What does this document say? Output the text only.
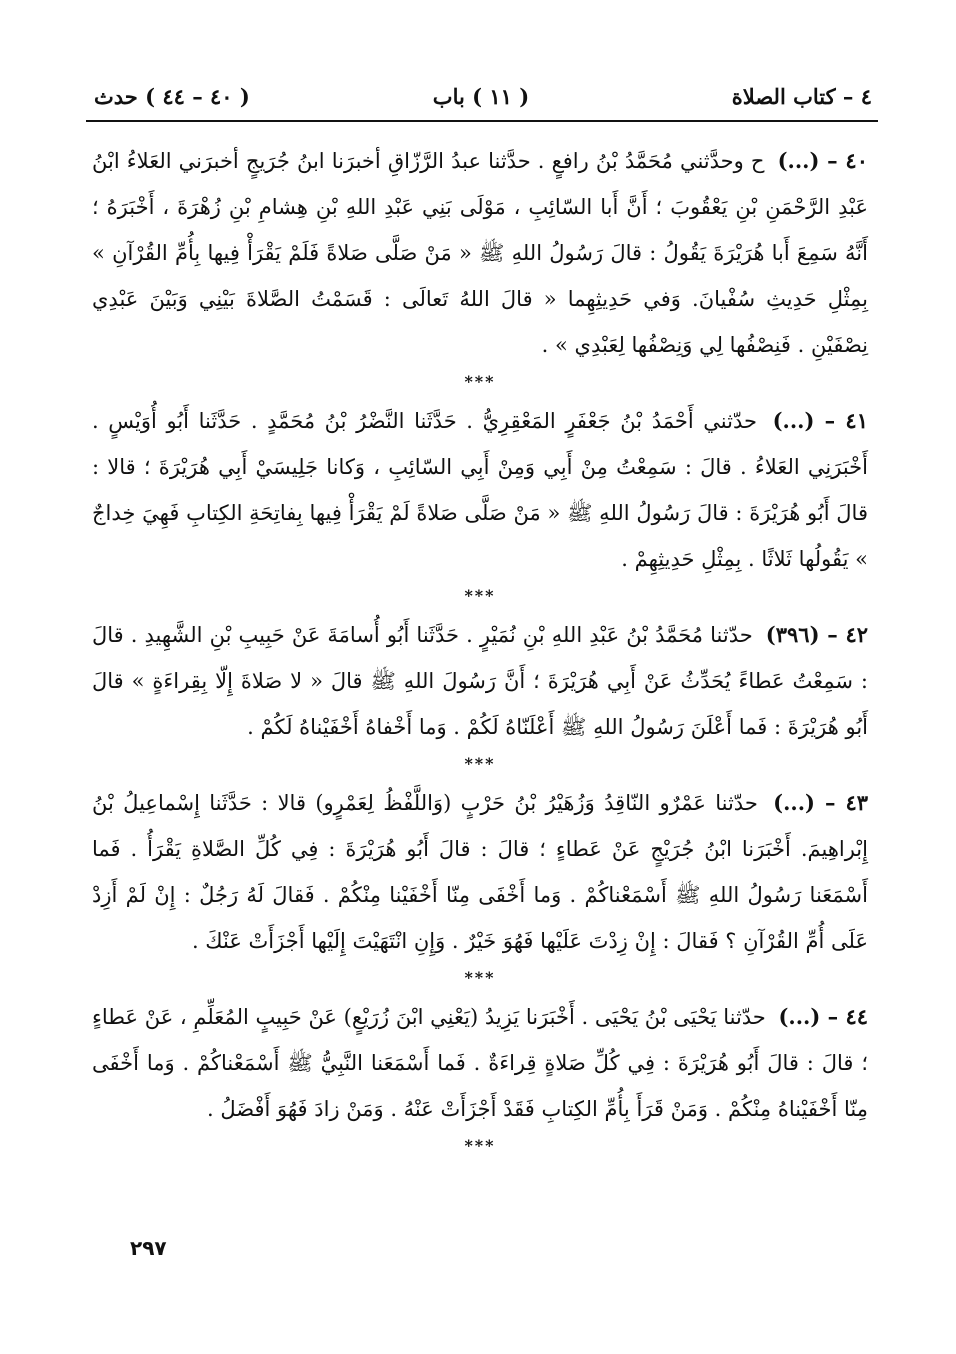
٤ – كتاب الصلاة
( ١١ ) باب
( ٤٠ – ٤٤ ) حدث

٤٠ – (...) ح وحدَّثني مُحَمَّدُ بْنُ رافعٍ . حدَّثنا عبدُ الرَّزّاقِ أخبرَنا ابنُ جُرَيجٍ أخبرَني العَلاءُ ابْنُ عَبْدِ الرَّحْمَنِ بْنِ يَعْقُوبَ ؛ أَنَّ أَبا السّائِبِ ، مَوْلَى بَنِي عَبْدِ اللهِ بْنِ هِشامِ بْنِ زُهْرَةَ ، أَخْبَرَهُ ؛ أَنَّهُ سَمِعَ أَبا هُرَيْرَةَ يَقُولُ : قالَ رَسُولُ اللهِ ﷺ « مَنْ صَلَّى صَلاةً فَلَمْ يَقْرَأْ فِيها بِأُمِّ القُرْآنِ » بِمِثْلِ حَدِيثِ سُفْيانَ. وَفي حَدِيثِهِما « قالَ اللهُ تَعالَى : قَسَمْتُ الصَّلاةَ بَيْنِي وَبَيْنَ عَبْدِي نِصْفَيْنِ . فَنِصْفُها لِي وَنِصْفُها لِعَبْدِي » .

***

٤١ – (...) حدّثني أَحْمَدُ بْنُ جَعْفَرٍ المَعْقِرِيُّ . حَدَّثَنا النَّضْرُ بْنُ مُحَمَّدٍ . حَدَّثَنا أَبُو أُوَيْسٍ . أَخْبَرَنِي العَلاءُ . قالَ : سَمِعْتُ مِنْ أَبِي وَمِنْ أَبِي السّائِبِ ، وَكانا جَلِيسَيْ أَبِي هُرَيْرَةَ ؛ قالا : قالَ أَبُو هُرَيْرَةَ : قالَ رَسُولُ اللهِ ﷺ « مَنْ صَلَّى صَلاةً لَمْ يَقْرَأْ فِيها بِفاتِحَةِ الكِتابِ فَهِيَ خِداجٌ » يَقُولُها ثَلاثًا . بِمِثْلِ حَدِيثِهِمْ .

***

٤٢ – (٣٩٦) حدّثنا مُحَمَّدُ بْنُ عَبْدِ اللهِ بْنِ نُمَيْرٍ . حَدَّثَنا أَبُو أُسامَةَ عَنْ حَبِيبِ بْنِ الشَّهِيدِ . قالَ : سَمِعْتُ عَطاءً يُحَدِّثُ عَنْ أَبِي هُرَيْرَةَ ؛ أَنَّ رَسُولَ اللهِ ﷺ قالَ « لا صَلاةَ إِلّا بِقِراءَةٍ » قالَ أَبُو هُرَيْرَةَ : فَما أَعْلَنَ رَسُولُ اللهِ ﷺ أَعْلَنّاهُ لَكُمْ . وَما أَخْفاهُ أَخْفَيْناهُ لَكُمْ .

***

٤٣ – (...) حدّثنا عَمْرٌو النّاقِدُ وَزُهَيْرُ بْنُ حَرْبٍ (وَاللَّفْظُ لِعَمْرٍو) قالا : حَدَّثَنا إِسْماعِيلُ بْنُ إِبْراهِيمَ. أَخْبَرَنا ابْنُ جُرَيْجٍ عَنْ عَطاءٍ ؛ قالَ : قالَ أَبُو هُرَيْرَةَ : فِي كُلِّ الصَّلاةِ يَقْرَأُ . فَما أَسْمَعَنا رَسُولُ اللهِ ﷺ أَسْمَعْناكُمْ . وَما أَخْفَى مِنّا أَخْفَيْنا مِنْكُمْ . فَقالَ لَهُ رَجُلٌ : إِنْ لَمْ أَزِدْ عَلَى أُمِّ القُرْآنِ ؟ فَقالَ : إِنْ زِدْتَ عَلَيْها فَهُوَ خَيْرٌ . وَإِنِ انْتَهَيْتَ إِلَيْها أَجْزَأَتْ عَنْكَ .

***

٤٤ – (...) حدّثنا يَحْيَى بْنُ يَحْيَى . أَخْبَرَنا يَزِيدُ (يَعْنِي ابْنَ زُرَيْعٍ) عَنْ حَبِيبٍ المُعَلِّمِ ، عَنْ عَطاءٍ ؛ قالَ : قالَ أَبُو هُرَيْرَةَ : فِي كُلِّ صَلاةٍ قِراءَةٌ . فَما أَسْمَعَنا النَّبِيُّ ﷺ أَسْمَعْناكُمْ . وَما أَخْفَى مِنّا أَخْفَيْناهُ مِنْكُمْ . وَمَنْ قَرَأَ بِأُمِّ الكِتابِ فَقَدْ أَجْزَأَتْ عَنْهُ . وَمَنْ زادَ فَهُوَ أَفْضَلُ .

***
٢٩٧
